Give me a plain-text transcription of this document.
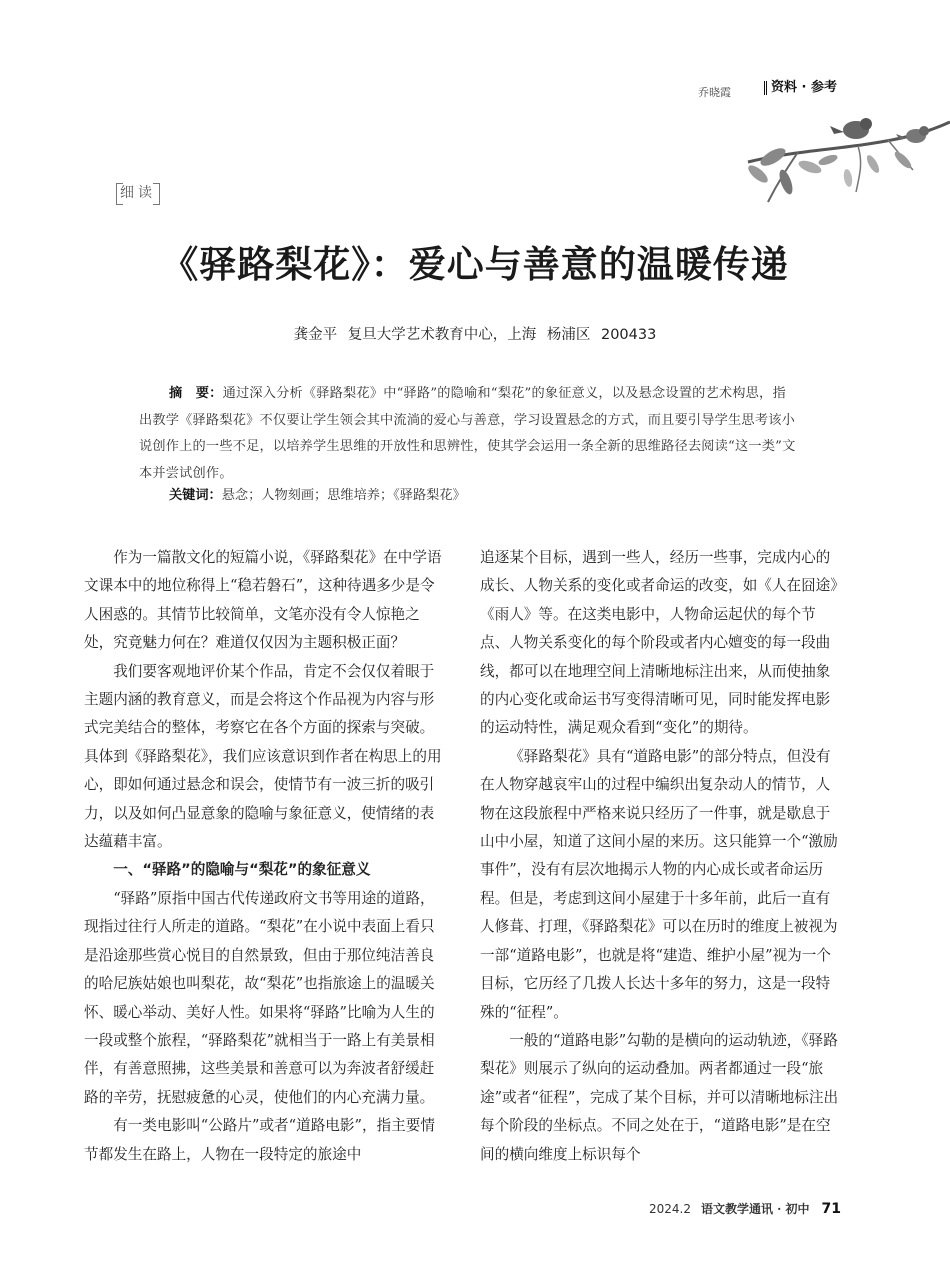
乔晓霞	资料 · 参考
细读
《驿路梨花》：爱心与善意的温暖传递
龚金平 复旦大学艺术教育中心，上海 杨浦区 200433
摘　要：通过深入分析《驿路梨花》中“驿路”的隐喻和“梨花”的象征意义，以及悬念设置的艺术构思，指出教学《驿路梨花》不仅要让学生领会其中流淌的爱心与善意，学习设置悬念的方式，而且要引导学生思考该小说创作上的一些不足，以培养学生思维的开放性和思辨性，使其学会运用一条全新的思维路径去阅读“这一类”文本并尝试创作。
关键词：悬念；人物刻画；思维培养；《驿路梨花》

作为一篇散文化的短篇小说，《驿路梨花》在中学语文课本中的地位称得上“稳若磐石”，这种待遇多少是令人困惑的。其情节比较简单，文笔亦没有令人惊艳之处，究竟魅力何在？难道仅仅因为主题积极正面？

我们要客观地评价某个作品，肯定不会仅仅着眼于主题内涵的教育意义，而是会将这个作品视为内容与形式完美结合的整体，考察它在各个方面的探索与突破。具体到《驿路梨花》，我们应该意识到作者在构思上的用心，即如何通过悬念和误会，使情节有一波三折的吸引力，以及如何凸显意象的隐喻与象征意义，使情绪的表达蕴藉丰富。

一、“驿路”的隐喻与“梨花”的象征意义

“驿路”原指中国古代传递政府文书等用途的道路，现指过往行人所走的道路。“梨花”在小说中表面上看只是沿途那些赏心悦目的自然景致，但由于那位纯洁善良的哈尼族姑娘也叫梨花，故“梨花”也指旅途上的温暖关怀、暖心举动、美好人性。如果将“驿路”比喻为人生的一段或整个旅程，“驿路梨花”就相当于一路上有美景相伴，有善意照拂，这些美景和善意可以为奔波者舒缓赶路的辛劳，抚慰疲惫的心灵，使他们的内心充满力量。

有一类电影叫“公路片”或者“道路电影”，指主要情节都发生在路上，人物在一段特定的旅途中

追逐某个目标，遇到一些人，经历一些事，完成内心的成长、人物关系的变化或者命运的改变，如《人在囧途》《雨人》等。在这类电影中，人物命运起伏的每个节点、人物关系变化的每个阶段或者内心嬗变的每一段曲线，都可以在地理空间上清晰地标注出来，从而使抽象的内心变化或命运书写变得清晰可见，同时能发挥电影的运动特性，满足观众看到“变化”的期待。

《驿路梨花》具有“道路电影”的部分特点，但没有在人物穿越哀牢山的过程中编织出复杂动人的情节，人物在这段旅程中严格来说只经历了一件事，就是歇息于山中小屋，知道了这间小屋的来历。这只能算一个“激励事件”，没有有层次地揭示人物的内心成长或者命运历程。但是，考虑到这间小屋建于十多年前，此后一直有人修葺、打理，《驿路梨花》可以在历时的维度上被视为一部“道路电影”，也就是将“建造、维护小屋”视为一个目标，它历经了几拨人长达十多年的努力，这是一段特殊的“征程”。

一般的“道路电影”勾勒的是横向的运动轨迹，《驿路梨花》则展示了纵向的运动叠加。两者都通过一段“旅途”或者“征程”，完成了某个目标，并可以清晰地标注出每个阶段的坐标点。不同之处在于，“道路电影”是在空间的横向维度上标识每个

2024.2 语文教学通讯 · 初中 71
